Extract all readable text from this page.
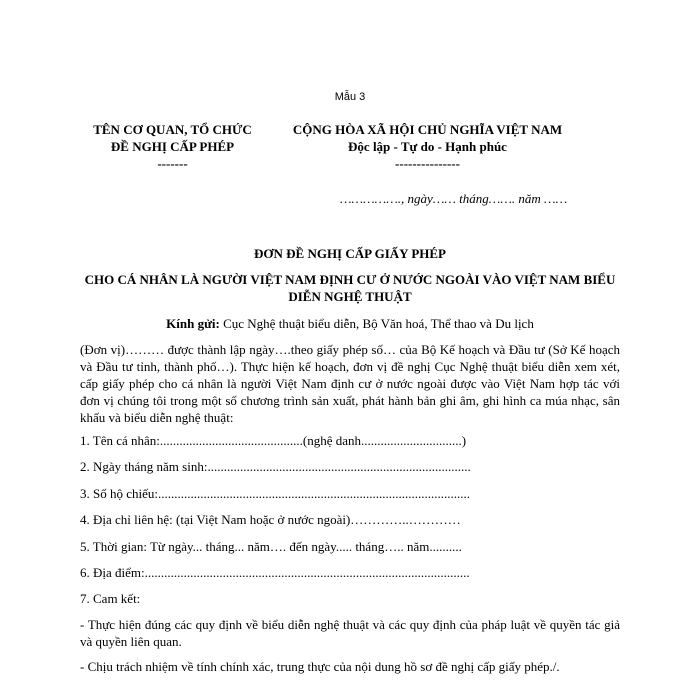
Mẫu 3
TÊN CƠ QUAN, TỔ CHỨC
ĐỀ NGHỊ CẤP PHÉP
-------
CỘNG HÒA XÃ HỘI CHỦ NGHĨA VIỆT NAM
Độc lập - Tự do - Hạnh phúc
---------------
……………., ngày…… tháng……. năm ……
ĐƠN ĐỀ NGHỊ CẤP GIẤY PHÉP
CHO CÁ NHÂN LÀ NGƯỜI VIỆT NAM ĐỊNH CƯ Ở NƯỚC NGOÀI VÀO VIỆT NAM BIỂU DIỄN NGHỆ THUẬT
Kính gửi: Cục Nghệ thuật biểu diễn, Bộ Văn hoá, Thể thao và Du lịch
(Đơn vị)……… được thành lập ngày….theo giấy phép số… của Bộ Kế hoạch và Đầu tư (Sở Kế hoạch và Đầu tư tỉnh, thành phố…). Thực hiện kế hoạch, đơn vị đề nghị Cục Nghệ thuật biểu diễn xem xét, cấp giấy phép cho cá nhân là người Việt Nam định cư ở nước ngoài được vào Việt Nam hợp tác với đơn vị chúng tôi trong một số chương trình sản xuất, phát hành bản ghi âm, ghi hình ca múa nhạc, sân khấu và biểu diễn nghệ thuật:
1. Tên cá nhân:............................................(nghệ danh...............................)
2. Ngày tháng năm sinh:.................................................................................
3. Số hộ chiếu:................................................................................................
4. Địa chỉ liên hệ: (tại Việt Nam hoặc ở nước ngoài)…………..…………
5. Thời gian: Từ ngày... tháng... năm…. đến ngày..... tháng….. năm..........
6. Địa điểm:....................................................................................................
7. Cam kết:
- Thực hiện đúng các quy định về biểu diễn nghệ thuật và các quy định của pháp luật về quyền tác giả và quyền liên quan.
- Chịu trách nhiệm về tính chính xác, trung thực của nội dung hồ sơ đề nghị cấp giấy phép./.
